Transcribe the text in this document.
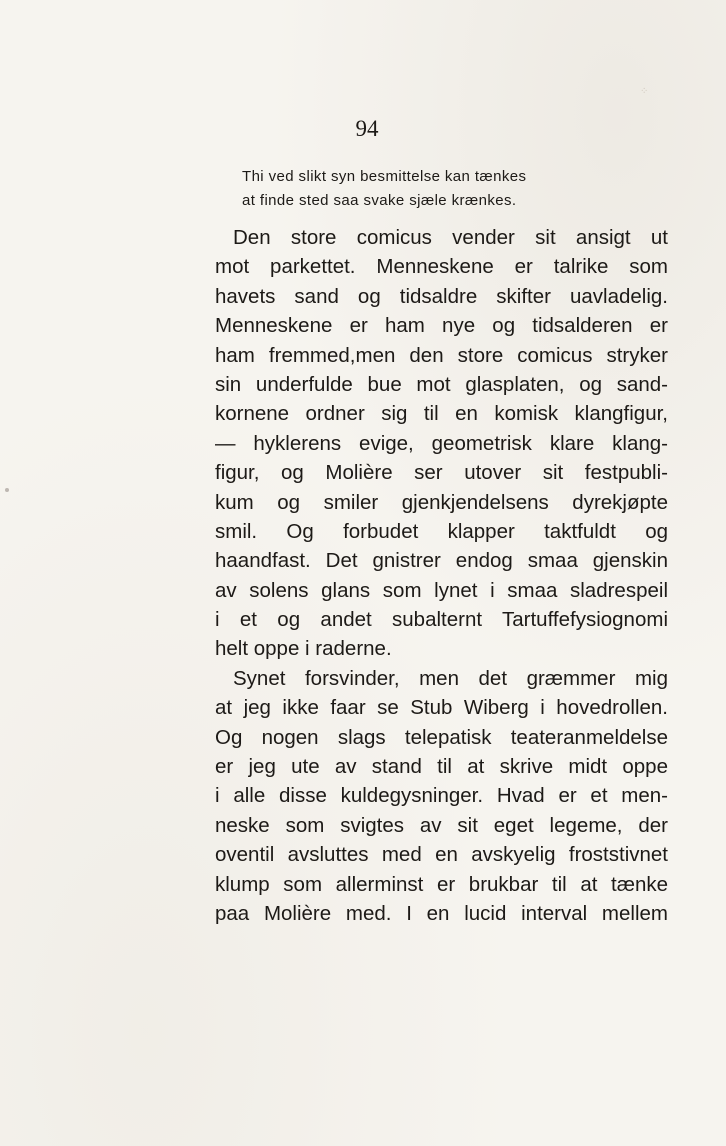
⁘
94
Thi ved slikt syn besmittelse kan tænkes
at finde sted saa svake sjæle krænkes.
Den store comicus vender sit ansigt ut
mot parkettet. Menneskene er talrike som
havets sand og tidsaldre skifter uavladelig.
Menneskene er ham nye og tidsalderen er
ham fremmed,men den store comicus stryker
sin underfulde bue mot glasplaten, og sand-
kornene ordner sig til en komisk klangfigur,
— hyklerens evige, geometrisk klare klang-
figur, og Molière ser utover sit festpubli-
kum og smiler gjenkjendelsens dyrekjøpte
smil. Og forbudet klapper taktfuldt og
haandfast. Det gnistrer endog smaa gjenskin
av solens glans som lynet i smaa sladrespeil
i et og andet subalternt Tartuffefysiognomi
helt oppe i raderne.
Synet forsvinder, men det græmmer mig
at jeg ikke faar se Stub Wiberg i hovedrollen.
Og nogen slags telepatisk teateranmeldelse
er jeg ute av stand til at skrive midt oppe
i alle disse kuldegysninger. Hvad er et men-
neske som svigtes av sit eget legeme, der
oventil avsluttes med en avskyelig froststivnet
klump som allerminst er brukbar til at tænke
paa Molière med. I en lucid interval mellem
